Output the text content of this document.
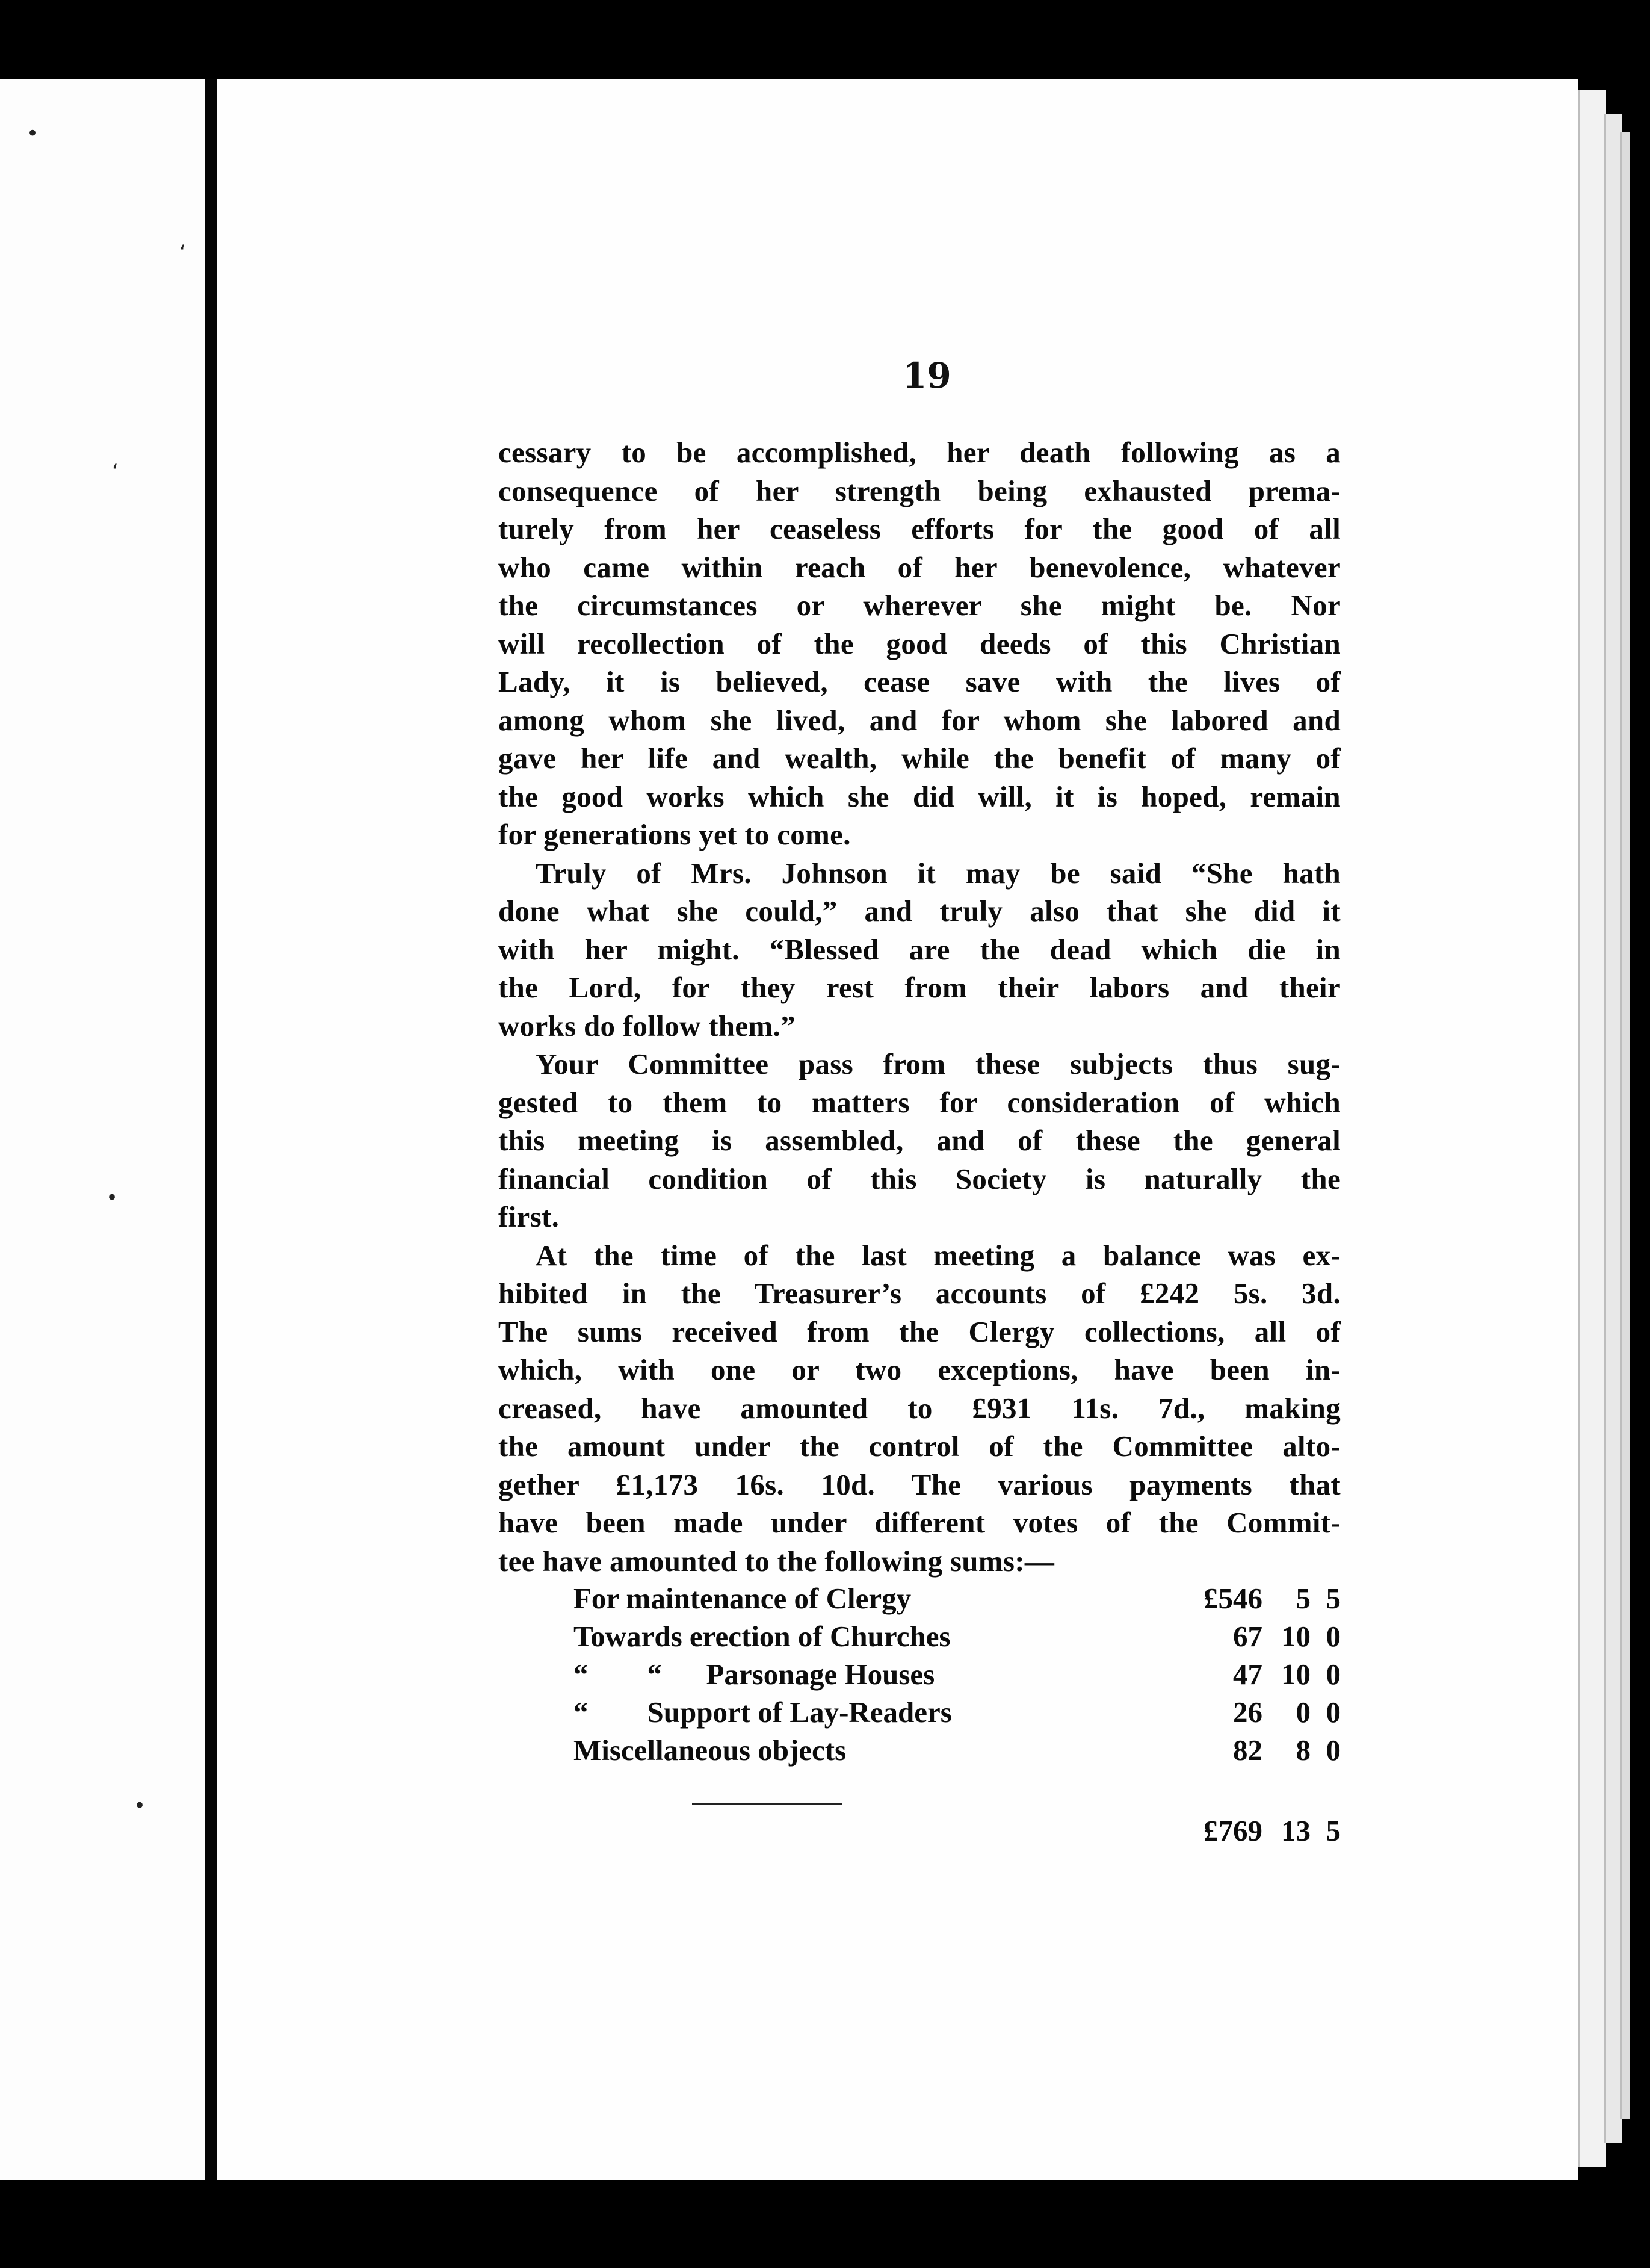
•
‘
‘
•
•
19

cessary to be accomplished, her death following as a
consequence of her strength being exhausted prema-
turely from her ceaseless efforts for the good of all
who came within reach of her benevolence, whatever
the circumstances or wherever she might be. Nor
will recollection of the good deeds of this Christian
Lady, it is believed, cease save with the lives of
among whom she lived, and for whom she labored and
gave her life and wealth, while the benefit of many of
the good works which she did will, it is hoped, remain
for generations yet to come.

Truly of Mrs. Johnson it may be said “She hath
done what she could,” and truly also that she did it
with her might. “Blessed are the dead which die in
the Lord, for they rest from their labors and their
works do follow them.”

Your Committee pass from these subjects thus sug-
gested to them to matters for consideration of which
this meeting is assembled, and of these the general
financial condition of this Society is naturally the
first.

At the time of the last meeting a balance was ex-
hibited in the Treasurer’s accounts of £242 5s. 3d.
The sums received from the Clergy collections, all of
which, with one or two exceptions, have been in-
creased, have amounted to £931 11s. 7d., making
the amount under the control of the Committee alto-
gether £1,173 16s. 10d. The various payments that
have been made under different votes of the Commit-
tee have amounted to the following sums:—

For maintenance of Clergy	£546	5 5
Towards erection of Churches	67 10 0
“        “      Parsonage Houses	47 10 0
“        Support of Lay-Readers	26	0 0
Miscellaneous objects	82	8 0
£769 13 5
